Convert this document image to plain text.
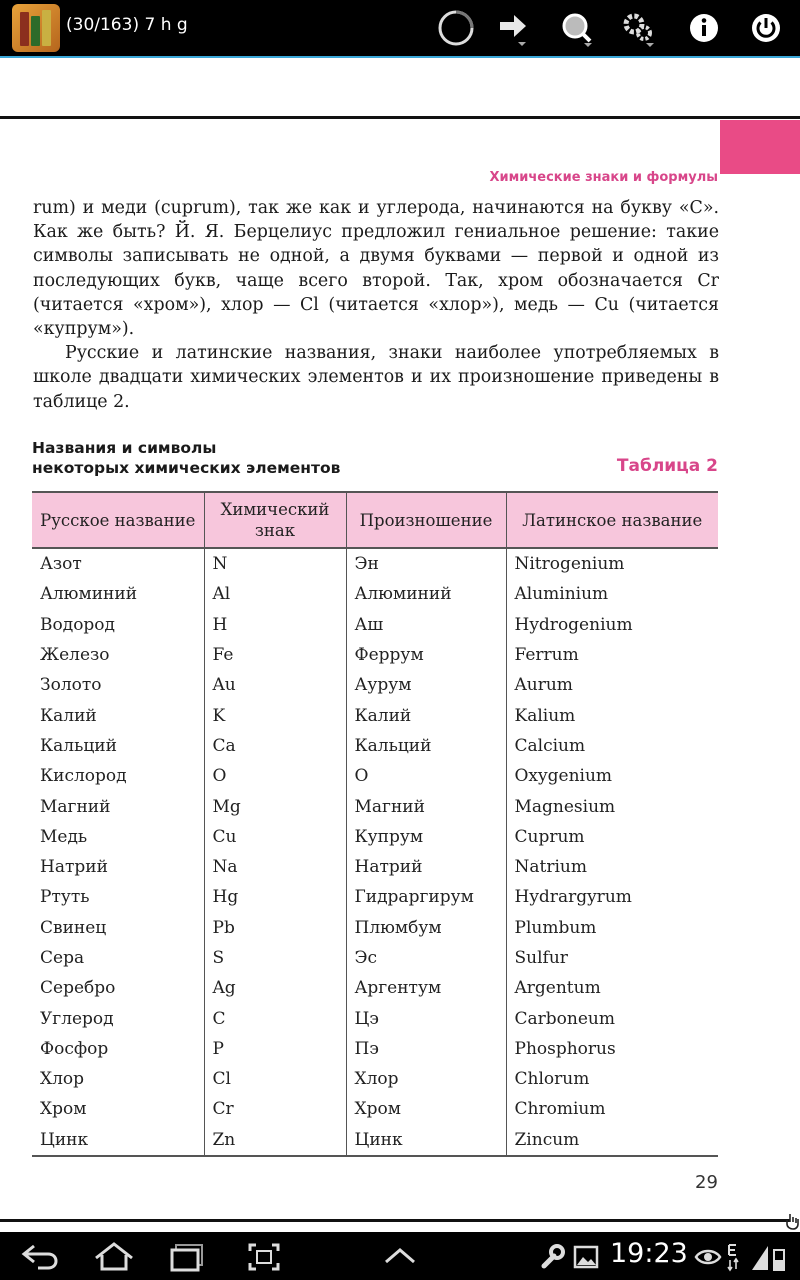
(30/163) 7 h g
Химические знаки и формулы

rum) и меди (cuprum), так же как и углерода, начинаются на букву «С». Как же быть? Й. Я. Берцелиус предложил гениальное решение: такие символы записывать не одной, а двумя буквами — первой и одной из последующих букв, чаще всего второй. Так, хром обозначается Cr (читается «хром»), хлор — Cl (читается «хлор»), медь — Cu (читается «купрум»).

Русские и латинские названия, знаки наиболее употребляемых в школе двадцати химических элементов и их произношение приведены в таблице 2.

Названия и символы
некоторых химических элементов	Таблица 2
Русское название	Химический знак	Произношение	Латинское название
Азот	N	Эн	Nitrogenium
Алюминий	Al	Алюминий	Aluminium
Водород	H	Аш	Hydrogenium
Железо	Fe	Феррум	Ferrum
Золото	Au	Аурум	Aurum
Калий	K	Калий	Kalium
Кальций	Ca	Кальций	Calcium
Кислород	O	О	Oxygenium
Магний	Mg	Магний	Magnesium
Медь	Cu	Купрум	Cuprum
Натрий	Na	Натрий	Natrium
Ртуть	Hg	Гидраргирум	Hydrargyrum
Свинец	Pb	Плюмбум	Plumbum
Сера	S	Эс	Sulfur
Серебро	Ag	Аргентум	Argentum
Углерод	C	Цэ	Carboneum
Фосфор	P	Пэ	Phosphorus
Хлор	Cl	Хлор	Chlorum
Хром	Cr	Хром	Chromium
Цинк	Zn	Цинк	Zincum
29
19:23
